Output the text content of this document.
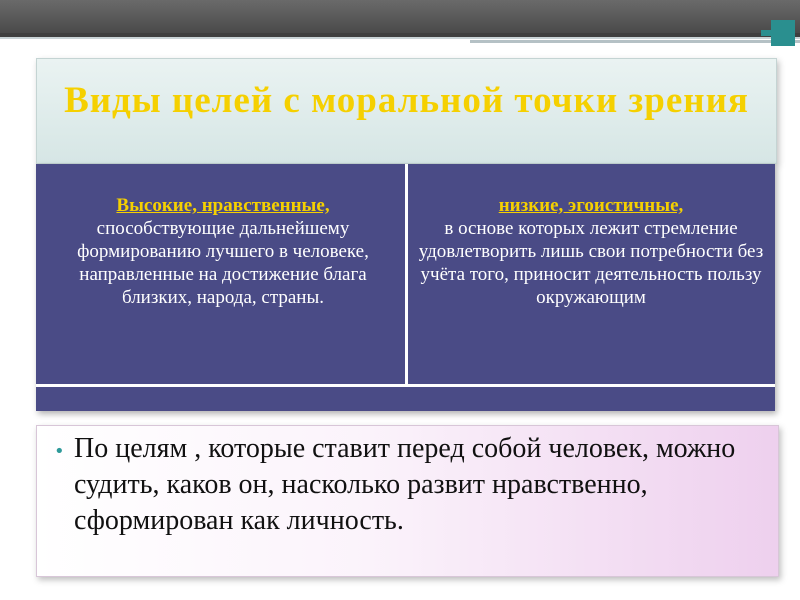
Виды целей с моральной точки зрения
Высокие, нравственные,
способствующие дальнейшему формированию лучшего в человеке, направленные на достижение блага близких, народа, страны.
низкие, эгоистичные,
в основе которых лежит стремление удовлетворить лишь свои потребности без учёта того, приносит деятельность пользу окружающим
• По целям , которые ставит перед собой человек, можно судить, каков он, насколько развит нравственно, сформирован как личность.
